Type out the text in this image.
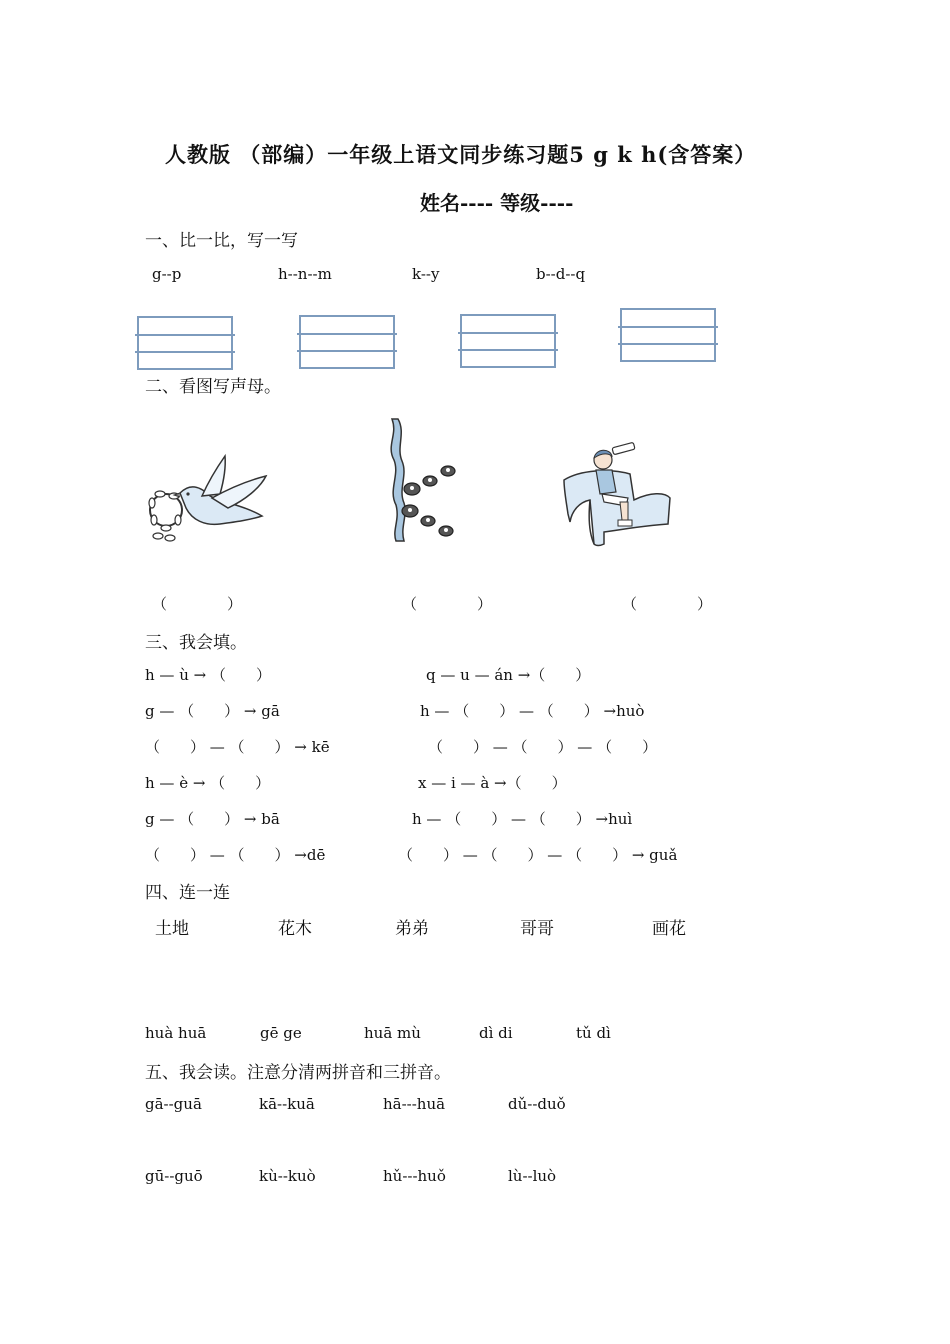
人教版 （部编）一年级上语文同步练习题5 g k h(含答案）
姓名---- 等级----
一、比一比，写一写
g--p	h--n--m	k--y	b--d--q
二、看图写声母。
（　　　　）	（　　　　）	（　　　　）
三、我会填。
h — ù → （　　）
g — （　　） → gā
（　　） — （　　） → kē
h — è → （　　）
g — （　　） → bā
（　　） — （　　） →dē
q — u — án →（　　）
h — （　　） — （　　） →huò
（　　） — （　　） — （　　）
x — i — à →（　　）
h — （　　） — （　　） →huì
（　　） — （　　） — （　　） → guǎ
四、连一连
土地	花木	弟弟	哥哥	画花
huà huā	gē ge	huā mù	dì di	tǔ dì
五、我会读。注意分清两拼音和三拼音。
gā--guā	kā--kuā	hā---huā	dǔ--duǒ
gū--guō	kù--kuò	hǔ---huǒ	lù--luò
